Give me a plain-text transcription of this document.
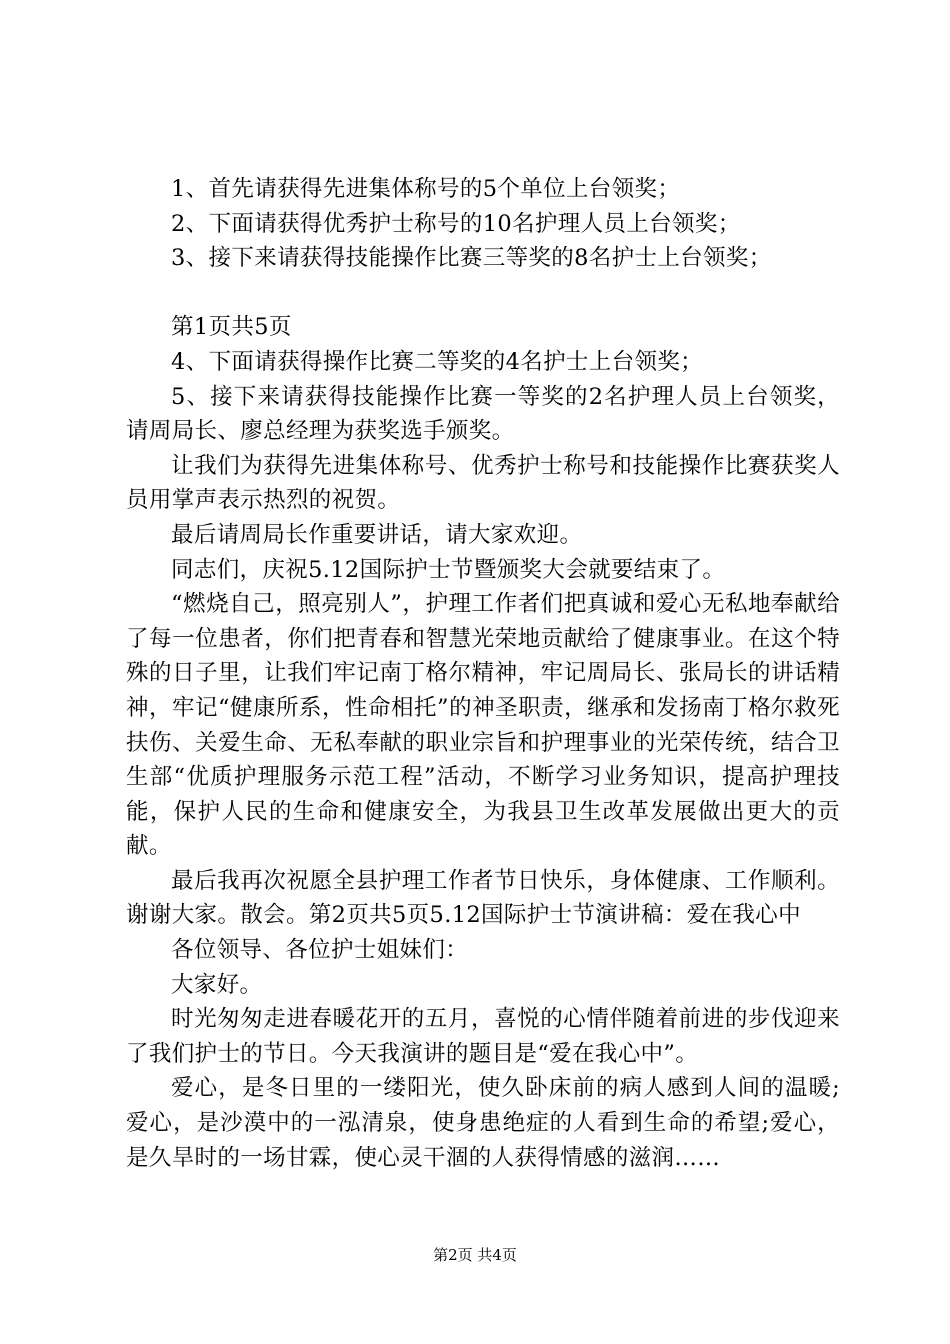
1、首先请获得先进集体称号的5个单位上台领奖；

2、下面请获得优秀护士称号的10名护理人员上台领奖；

3、接下来请获得技能操作比赛三等奖的8名护士上台领奖；

第1页共5页

4、下面请获得操作比赛二等奖的4名护士上台领奖；

5、接下来请获得技能操作比赛一等奖的2名护理人员上台领奖，请周局长、廖总经理为获奖选手颁奖。

让我们为获得先进集体称号、优秀护士称号和技能操作比赛获奖人员用掌声表示热烈的祝贺。

最后请周局长作重要讲话，请大家欢迎。

同志们，庆祝5.12国际护士节暨颁奖大会就要结束了。

“燃烧自己，照亮别人”，护理工作者们把真诚和爱心无私地奉献给了每一位患者，你们把青春和智慧光荣地贡献给了健康事业。在这个特殊的日子里，让我们牢记南丁格尔精神，牢记周局长、张局长的讲话精神，牢记“健康所系，性命相托”的神圣职责，继承和发扬南丁格尔救死扶伤、关爱生命、无私奉献的职业宗旨和护理事业的光荣传统，结合卫生部“优质护理服务示范工程”活动，不断学习业务知识，提高护理技能，保护人民的生命和健康安全，为我县卫生改革发展做出更大的贡献。

最后我再次祝愿全县护理工作者节日快乐，身体健康、工作顺利。谢谢大家。散会。第2页共5页5.12国际护士节演讲稿：爱在我心中

各位领导、各位护士姐妹们：

大家好。

时光匆匆走进春暖花开的五月，喜悦的心情伴随着前进的步伐迎来了我们护士的节日。今天我演讲的题目是“爱在我心中”。

爱心，是冬日里的一缕阳光，使久卧床前的病人感到人间的温暖;爱心，是沙漠中的一泓清泉，使身患绝症的人看到生命的希望;爱心，是久旱时的一场甘霖，使心灵干涸的人获得情感的滋润……

第2页 共4页
